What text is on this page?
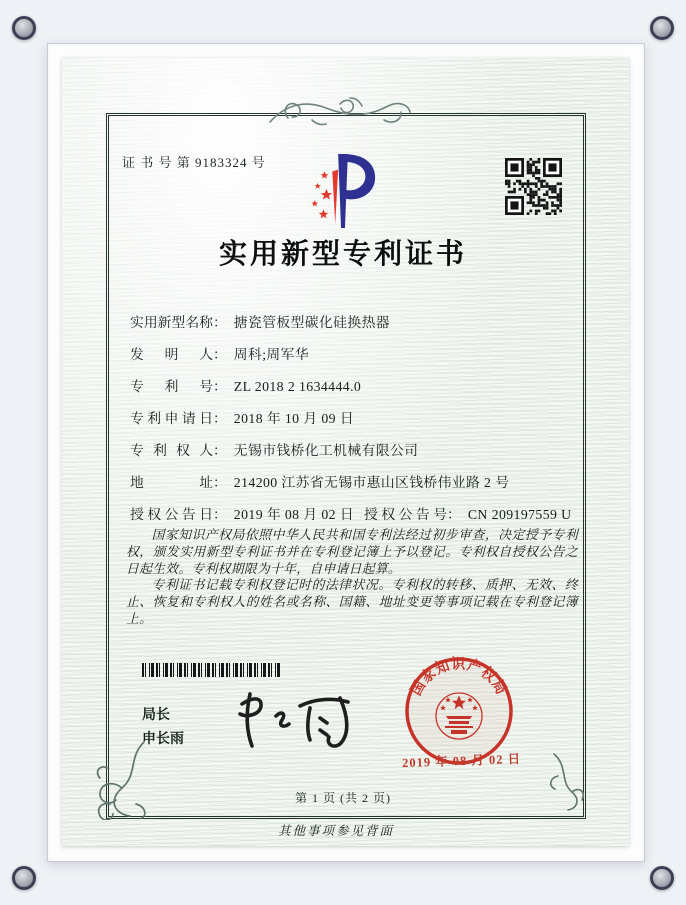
证 书 号 第 9183324 号
实用新型专利证书
实 用 新 型 名 称 ： 搪瓷管板型碳化硅换热器
发 明 人 ： 周科;周军华
专 利 号 ： ZL 2018 2 1634444.0
专 利 申 请 日 ： 2018 年 10 月 09 日
专 利 权 人 ： 无锡市钱桥化工机械有限公司
地	址 ： 214200 江苏省无锡市惠山区钱桥伟业路 2 号
授 权 公 告 日 ： 2019 年 08 月 02 日 授 权 公 告 号 ： CN 209197559 U

国家知识产权局依照中华人民共和国专利法经过初步审查，决定授予专利权，颁发实用新型专利证书并在专利登记簿上予以登记。专利权自授权公告之日起生效。专利权期限为十年，自申请日起算。

专利证书记载专利权登记时的法律状况。专利权的转移、质押、无效、终止、恢复和专利权人的姓名或名称、国籍、地址变更等事项记载在专利登记簿上。

局长
申长雨
国家知识产权局
2019 年 08 月 02 日
第 1 页 (共 2 页)
其他事项参见背面
